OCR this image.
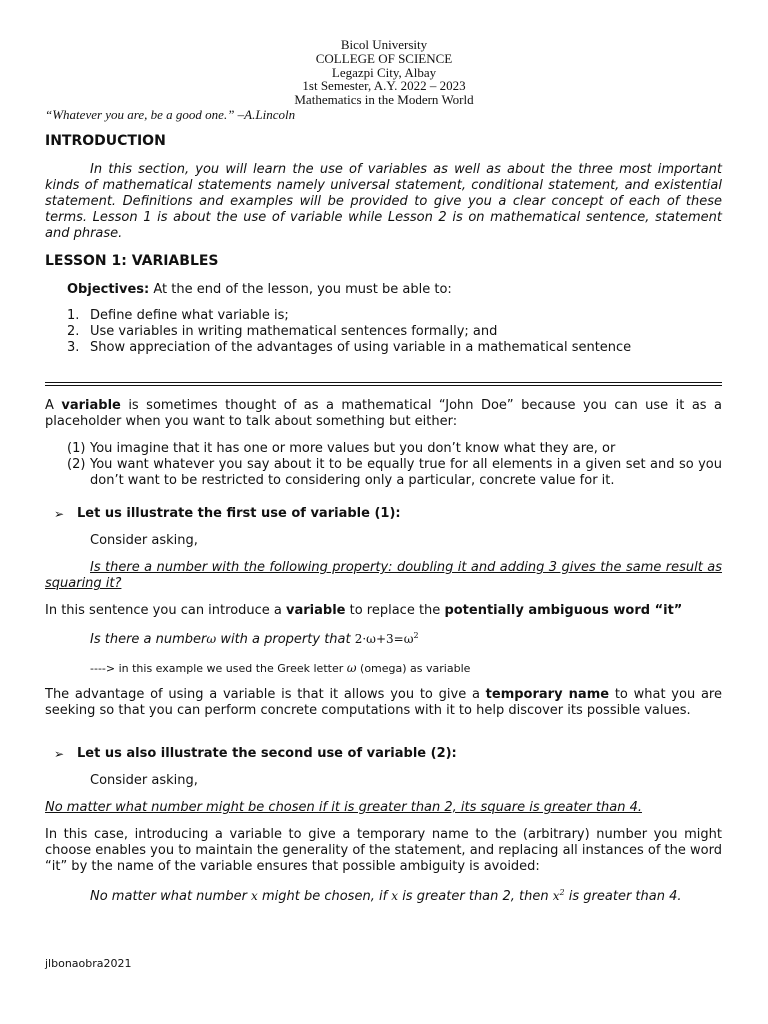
Bicol University
COLLEGE OF SCIENCE
Legazpi City, Albay
1st Semester, A.Y. 2022 – 2023
Mathematics in the Modern World
“Whatever you are, be a good one.” –A.Lincoln
INTRODUCTION
In this section, you will learn the use of variables as well as about the three most important kinds of mathematical statements namely universal statement, conditional statement, and existential statement. Definitions and examples will be provided to give you a clear concept of each of these terms. Lesson 1 is about the use of variable while Lesson 2 is on mathematical sentence, statement and phrase.
LESSON 1: VARIABLES
Objectives: At the end of the lesson, you must be able to:
1. Define define what variable is;
2. Use variables in writing mathematical sentences formally; and
3. Show appreciation of the advantages of using variable in a mathematical sentence
A variable is sometimes thought of as a mathematical “John Doe” because you can use it as a placeholder when you want to talk about something but either:
(1) You imagine that it has one or more values but you don’t know what they are, or
(2) You want whatever you say about it to be equally true for all elements in a given set and so you don’t want to be restricted to considering only a particular, concrete value for it.
➢ Let us illustrate the first use of variable (1):
Consider asking,
Is there a number with the following property: doubling it and adding 3 gives the same result as squaring it?
In this sentence you can introduce a variable to replace the potentially ambiguous word “it”
Is there a numberω with a property that $2\cdot\omega+3=\omega^2$
----> in this example we used the Greek letter ω (omega) as variable
The advantage of using a variable is that it allows you to give a temporary name to what you are seeking so that you can perform concrete computations with it to help discover its possible values.
➢ Let us also illustrate the second use of variable (2):
Consider asking,
No matter what number might be chosen if it is greater than 2, its square is greater than 4.
In this case, introducing a variable to give a temporary name to the (arbitrary) number you might choose enables you to maintain the generality of the statement, and replacing all instances of the word “it” by the name of the variable ensures that possible ambiguity is avoided:
No matter what number x might be chosen, if x is greater than 2, then $x^2$ is greater than 4.
jlbonaobra2021
